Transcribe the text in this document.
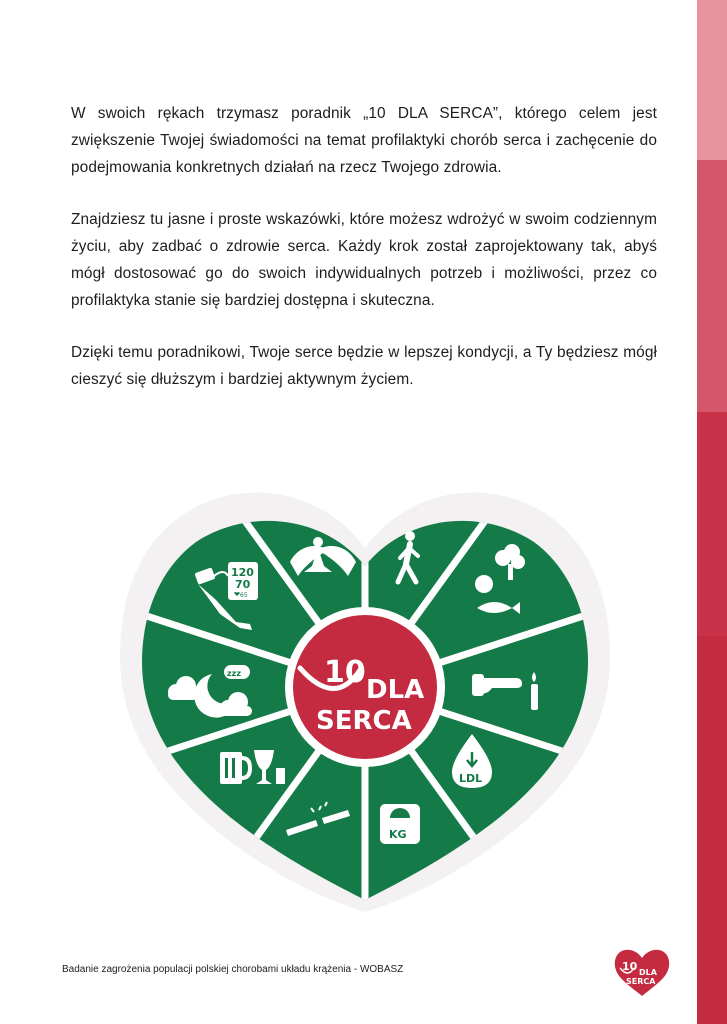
W swoich rękach trzymasz poradnik „10 DLA SERCA”, którego celem jest zwiększenie Twojej świadomości na temat profilaktyki chorób serca i zachęcenie do podejmowania konkretnych działań na rzecz Twojego zdrowia.

Znajdziesz tu jasne i proste wskazówki, które możesz wdrożyć w swoim codziennym życiu, aby zadbać o zdrowie serca. Każdy krok został zaprojektowany tak, abyś mógł dostosować go do swoich indywidualnych potrzeb i możliwości, przez co profilaktyka stanie się bardziej dostępna i skuteczna.

Dzięki temu poradnikowi, Twoje serce będzie w lepszej kondycji, a Ty będziesz mógł cieszyć się dłuższym i bardziej aktywnym życiem.

10 DLA
SERCA
LDL
KG
zzz
120
70
65
Badanie zagrożenia populacji polskiej chorobami układu krążenia - WOBASZ	10 DLA
SERCA
